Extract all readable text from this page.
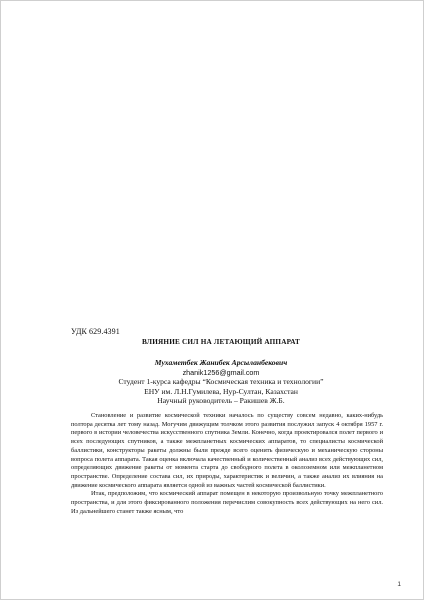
УДК 629.4391
ВЛИЯНИЕ СИЛ НА ЛЕТАЮЩИЙ АППАРАТ
Мухаметбек Жанибек Арсыланбекович
zhanik1256@gmail.com
Студент 1-курса кафедры “Космическая техника и технологии”
ЕНУ им. Л.Н.Гумилева, Нур-Султан, Казахстан
Научный руководитель – Ракишев Ж.Б.

Становление и развитие космической техники началось по существу совсем недавно, каких-нибудь полтора десятка лет тому назад. Могучим движущим толчком этого развития послужил запуск 4 октября 1957 г. первого в истории человечества искусственного спутника Земли. Конечно, когда проектировался полет первого и всех последующих спутников, а также межпланетных космических аппаратов, то специалисты космической баллистики, конструкторы ракеты должны были прежде всего оценить физическую и механическую стороны вопроса полета аппарата. Такая оценка включала качественный и количественный анализ всех действующих сил, определяющих движение ракеты от момента старта до свободного полета в околоземном или межпланетном пространстве. Определение состава сил, их природы, характеристик и величин, а также анализ их влияния на движение космического аппарата является одной из важных частей космической баллистики.

Итак, предположим, что космический аппарат помещен в некоторую произвольную точку межпланетного пространства, и для этого фиксированного положения перечислим совокупность всех действующих на него сил. Из дальнейшего станет также ясным, что

1
